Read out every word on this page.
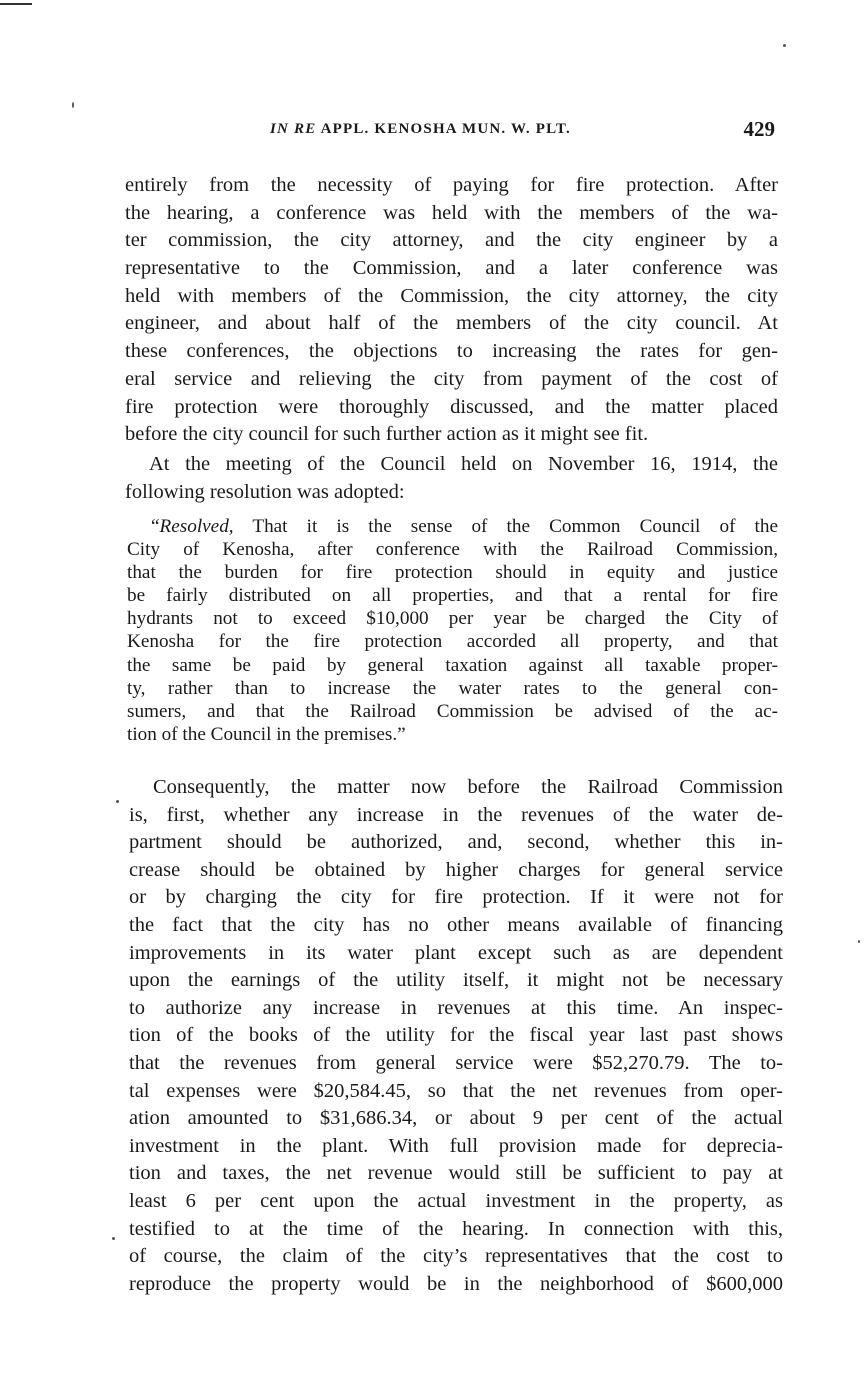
IN RE APPL. KENOSHA MUN. W. PLT.	429
entirely from the necessity of paying for fire protection. After
the hearing, a conference was held with the members of the wa-
ter commission, the city attorney, and the city engineer by a
representative to the Commission, and a later conference was
held with members of the Commission, the city attorney, the city
engineer, and about half of the members of the city council. At
these conferences, the objections to increasing the rates for gen-
eral service and relieving the city from payment of the cost of
fire protection were thoroughly discussed, and the matter placed
before the city council for such further action as it might see fit.
At the meeting of the Council held on November 16, 1914, the
following resolution was adopted:
“Resolved, That it is the sense of the Common Council of the
City of Kenosha, after conference with the Railroad Commission,
that the burden for fire protection should in equity and justice
be fairly distributed on all properties, and that a rental for fire
hydrants not to exceed $10,000 per year be charged the City of
Kenosha for the fire protection accorded all property, and that
the same be paid by general taxation against all taxable proper-
ty, rather than to increase the water rates to the general con-
sumers, and that the Railroad Commission be advised of the ac-
tion of the Council in the premises.”
Consequently, the matter now before the Railroad Commission
is, first, whether any increase in the revenues of the water de-
partment should be authorized, and, second, whether this in-
crease should be obtained by higher charges for general service
or by charging the city for fire protection. If it were not for
the fact that the city has no other means available of financing
improvements in its water plant except such as are dependent
upon the earnings of the utility itself, it might not be necessary
to authorize any increase in revenues at this time. An inspec-
tion of the books of the utility for the fiscal year last past shows
that the revenues from general service were $52,270.79. The to-
tal expenses were $20,584.45, so that the net revenues from oper-
ation amounted to $31,686.34, or about 9 per cent of the actual
investment in the plant. With full provision made for deprecia-
tion and taxes, the net revenue would still be sufficient to pay at
least 6 per cent upon the actual investment in the property, as
testified to at the time of the hearing. In connection with this,
of course, the claim of the city’s representatives that the cost to
reproduce the property would be in the neighborhood of $600,000
